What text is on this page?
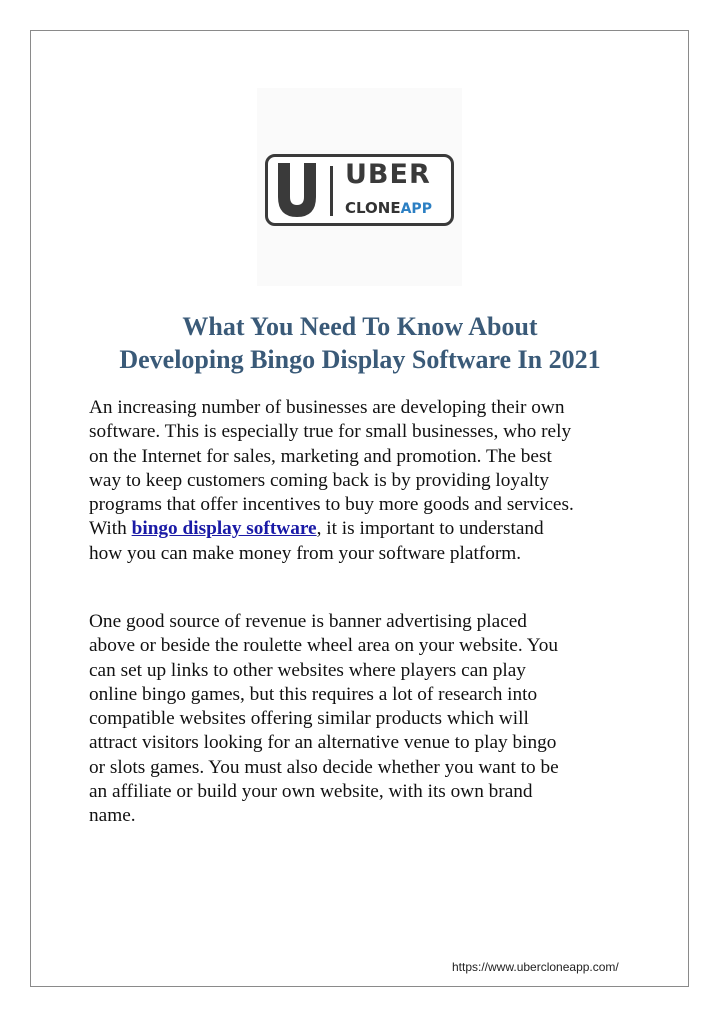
UBER
CLONEAPP
What You Need To Know About
Developing Bingo Display Software In 2021

An increasing number of businesses are developing their own
software. This is especially true for small businesses, who rely
on the Internet for sales, marketing and promotion. The best
way to keep customers coming back is by providing loyalty
programs that offer incentives to buy more goods and services.
With bingo display software, it is important to understand
how you can make money from your software platform.

One good source of revenue is banner advertising placed
above or beside the roulette wheel area on your website. You
can set up links to other websites where players can play
online bingo games, but this requires a lot of research into
compatible websites offering similar products which will
attract visitors looking for an alternative venue to play bingo
or slots games. You must also decide whether you want to be
an affiliate or build your own website, with its own brand
name.

https://www.ubercloneapp.com/
